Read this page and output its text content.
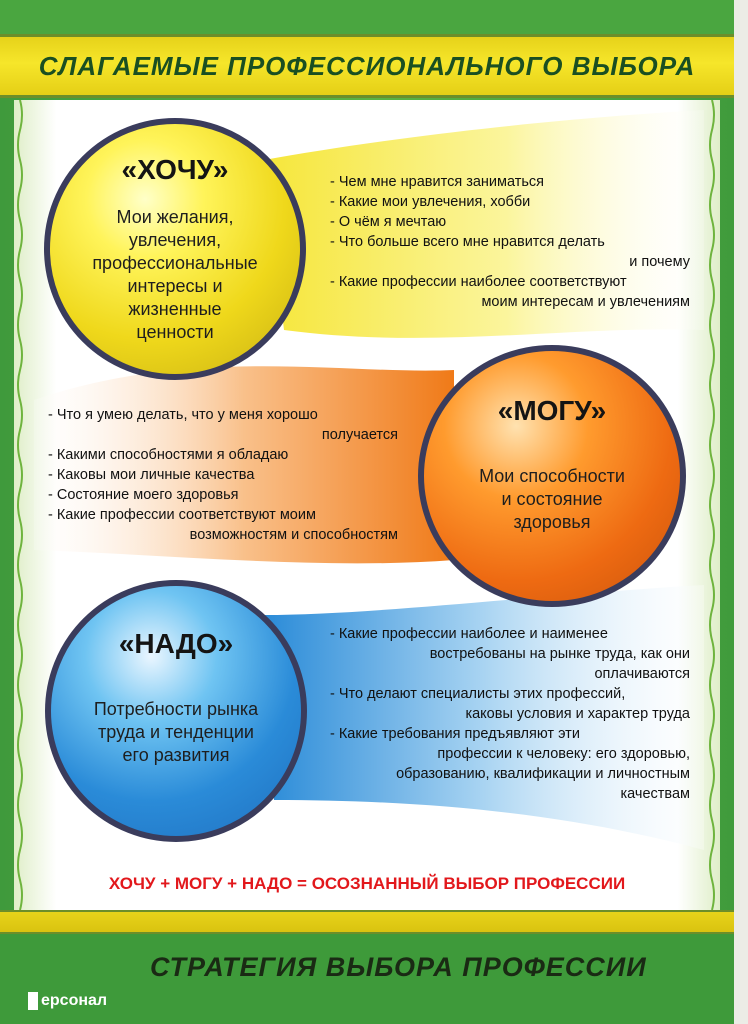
СЛАГАЕМЫЕ ПРОФЕССИОНАЛЬНОГО ВЫБОРА
«ХОЧУ»
Мои желания,
увлечения,
профессиональные
интересы и
жизненные
ценности
- Чем мне нравится заниматься
- Какие мои увлечения, хобби
- О чём я мечтаю
- Что больше всего мне нравится делать
и почему
- Какие профессии наиболее соответствуют
моим интересам и увлечениям
«МОГУ»
Мои способности
и состояние
здоровья
- Что я умею делать, что у меня хорошо
получается
- Какими способностями я обладаю
- Каковы мои личные качества
- Состояние моего здоровья
- Какие профессии соответствуют моим
возможностям и способностям
«НАДО»
Потребности рынка
труда и тенденции
его развития
- Какие профессии наиболее и наименее
востребованы на рынке труда, как они
оплачиваются
- Что делают специалисты этих профессий,
каковы условия и характер труда
- Какие требования предъявляют эти
профессии к человеку: его здоровью,
образованию, квалификации и личностным
качествам
ХОЧУ + МОГУ + НАДО = ОСОЗНАННЫЙ ВЫБОР ПРОФЕССИИ
СТРАТЕГИЯ ВЫБОРА ПРОФЕССИИ
ерсонал
